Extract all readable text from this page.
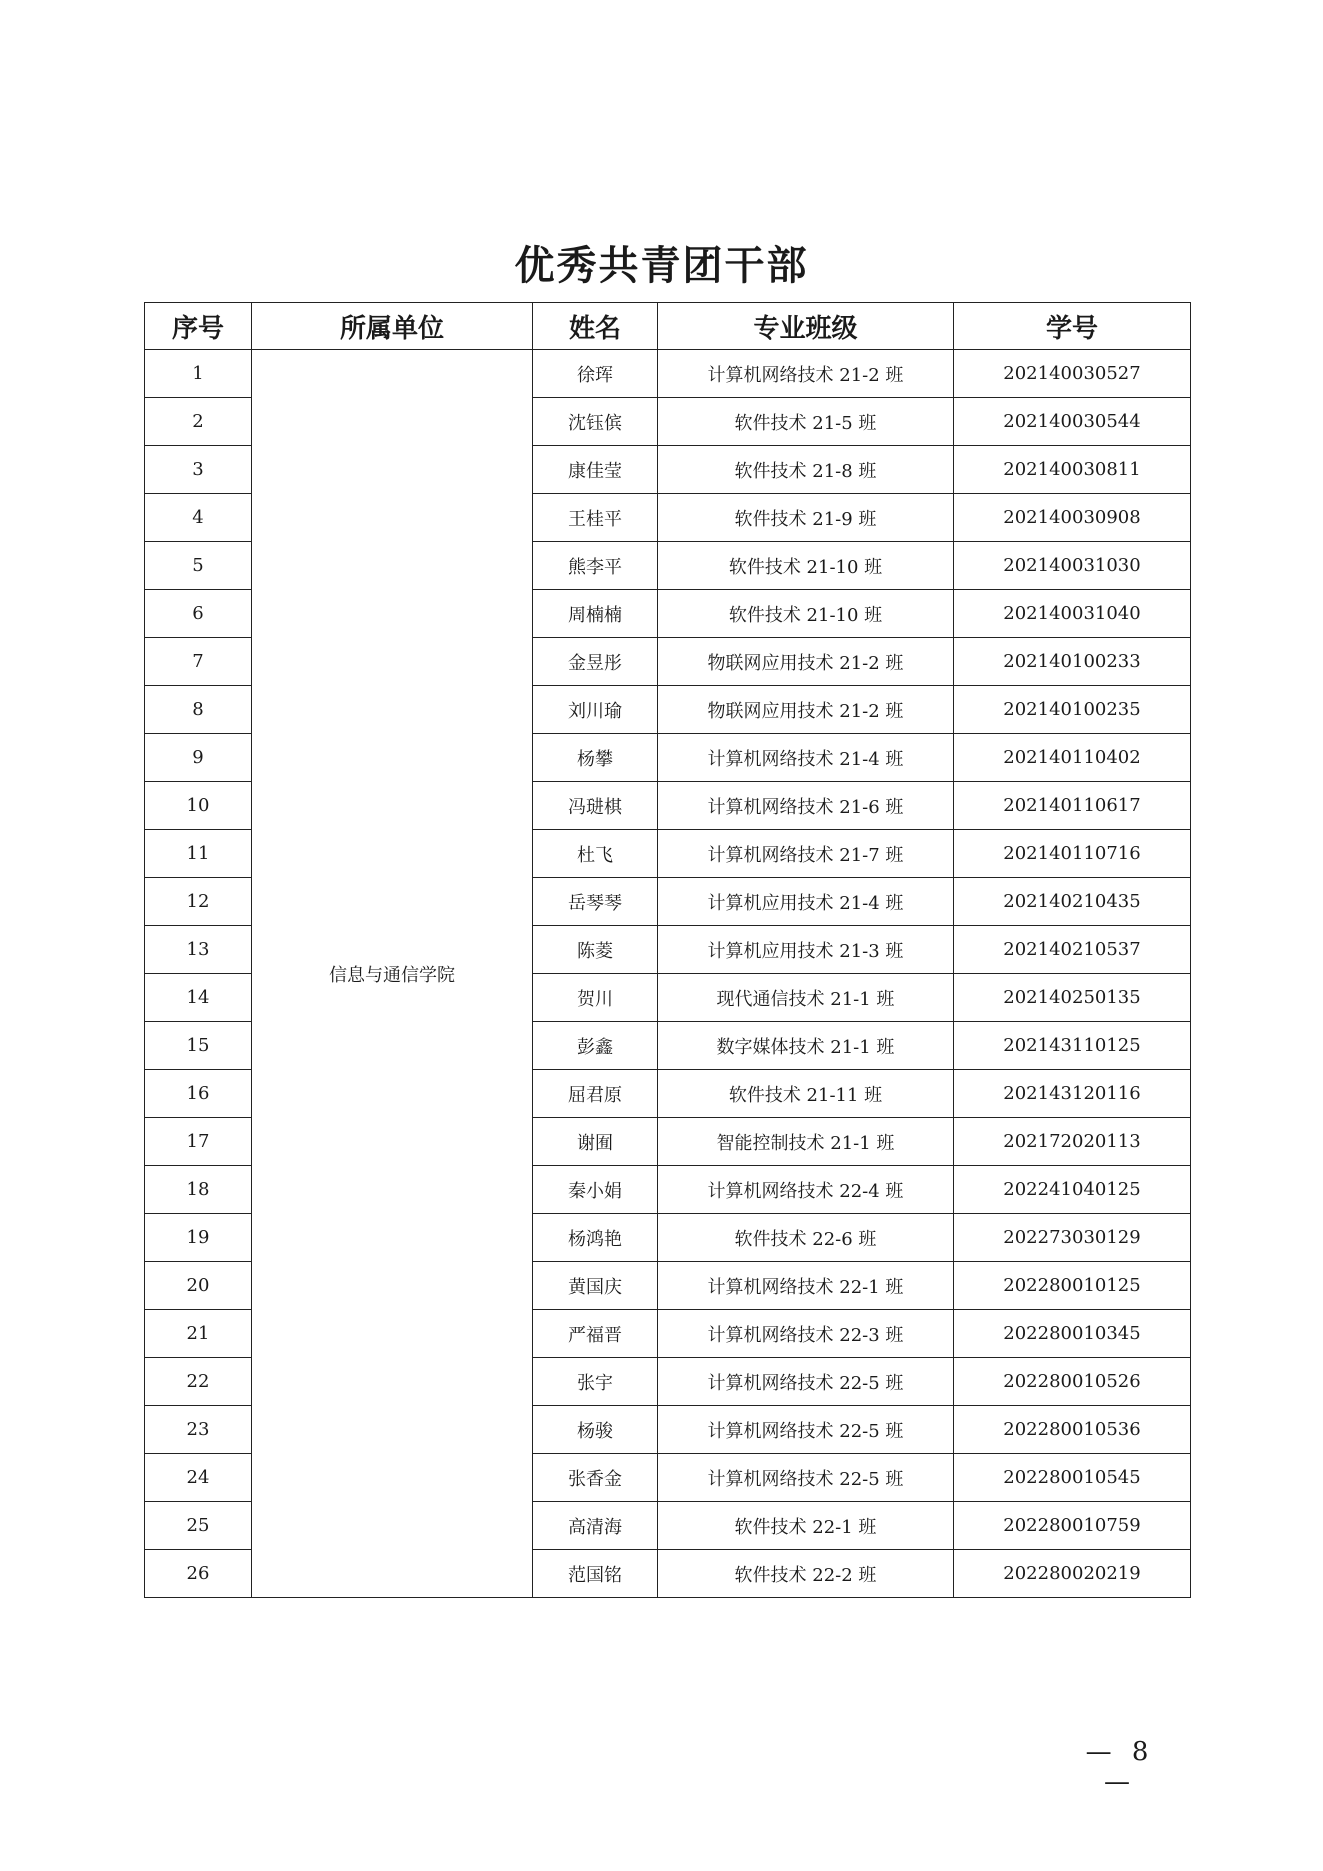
优秀共青团干部
序号	所属单位	姓名	专业班级	学号
1	信息与通信学院	徐珲	计算机网络技术 21-2 班	202140030527
2		沈钰傧	软件技术 21-5 班	202140030544
3		康佳莹	软件技术 21-8 班	202140030811
4		王桂平	软件技术 21-9 班	202140030908
5		熊李平	软件技术 21-10 班	202140031030
6		周楠楠	软件技术 21-10 班	202140031040
7		金昱彤	物联网应用技术 21-2 班	202140100233
8		刘川瑜	物联网应用技术 21-2 班	202140100235
9		杨攀	计算机网络技术 21-4 班	202140110402
10		冯琎棋	计算机网络技术 21-6 班	202140110617
11		杜飞	计算机网络技术 21-7 班	202140110716
12		岳琴琴	计算机应用技术 21-4 班	202140210435
13		陈菱	计算机应用技术 21-3 班	202140210537
14		贺川	现代通信技术 21-1 班	202140250135
15		彭鑫	数字媒体技术 21-1 班	202143110125
16		屈君原	软件技术 21-11 班	202143120116
17		谢囿	智能控制技术 21-1 班	202172020113
18		秦小娟	计算机网络技术 22-4 班	202241040125
19		杨鸿艳	软件技术 22-6 班	202273030129
20		黄国庆	计算机网络技术 22-1 班	202280010125
21		严福晋	计算机网络技术 22-3 班	202280010345
22		张宇	计算机网络技术 22-5 班	202280010526
23		杨骏	计算机网络技术 22-5 班	202280010536
24		张香金	计算机网络技术 22-5 班	202280010545
25		高清海	软件技术 22-1 班	202280010759
26		范国铭	软件技术 22-2 班	202280020219
— 8 —
